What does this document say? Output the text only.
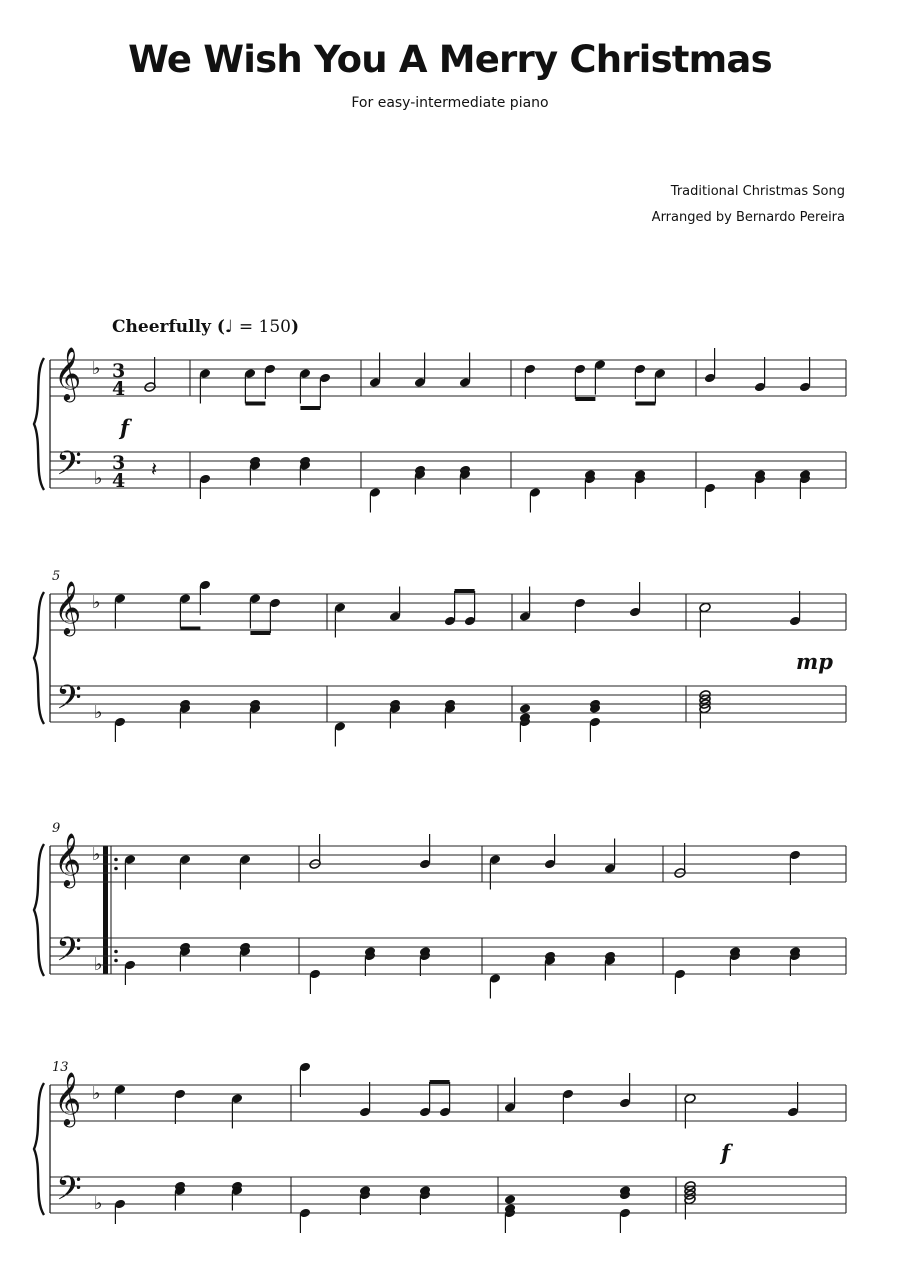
We Wish You A Merry Christmas
For easy-intermediate piano
Traditional Christmas Song
Arranged by Bernardo Pereira
Cheerfully (♩ = 150)
𝄞
𝄢
♭
♭
3
4
3
4 𝄽
f
𝄞
𝄢
♭
♭
5
mp
𝄞
𝄢
♭
♭
9
𝄞
𝄢
♭
♭
13
f
